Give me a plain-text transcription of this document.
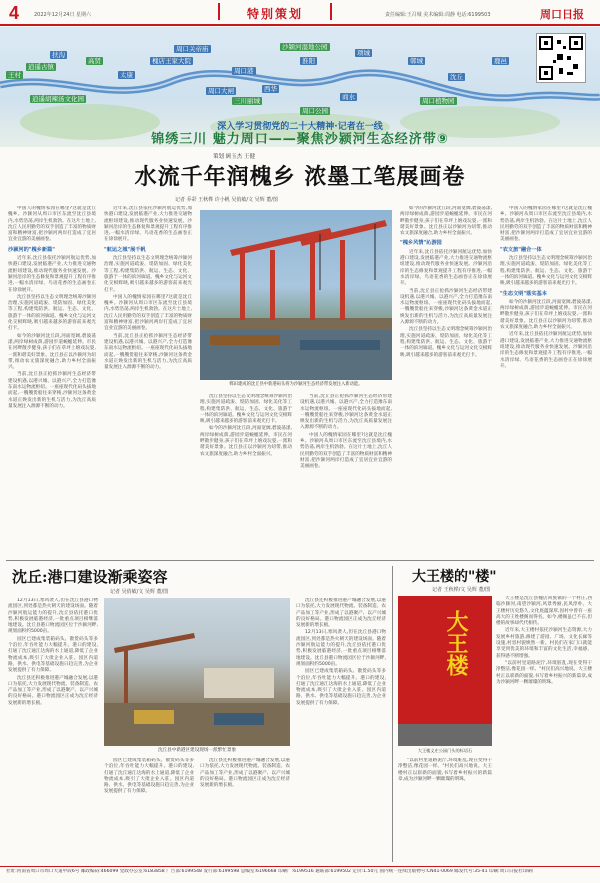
4	2022年12月24日 星期六	特别策划	责任编辑:王召城 美术编辑:周静 电话:6199503	周口日报
周口关帝庙
槐店王家大院
周口港
周口大闸
淮阳
项城
沈丘
郸城
太康
鹿邑
西华
扶沟
商水
王村
逍遥古镇
高贤
三川丽城
沙颍河湿地公园
周口公园
逍遥胡辣汤文化园	周口植物园
深入学习贯彻党的二十大精神·记者在一线
锦绣三川 魅力周口——聚焦沙颍河生态经济带⑨
策划 顾玉杰 王健
水流千年润槐乡 浓墨工笔展画卷
记者 乔彩 王秋桦 许小帆 吴俏敏/文 吴辉 董/图

中国人的槐情家园在哪里?这就是沈丘槐乡。沙颍河从周口市区东流至沈丘县境内,水势浩荡,两岸生机勃勃。在这片土地上,沈丘人民用勤劳的双手创造了丰富的物质财富和精神财富,把沙颍河两岸打造成了宜居宜业宜游的美丽画卷。

沙颍河的"槐乡新篇"

近年来,沈丘县依托沙颍河航运优势,加快港口建设,发展临港产业,大力推进交通物流枢纽建设,推动现代服务业快速发展。沙颍河沿岸的生态修复和景观提升工程有序推进,一幅水清岸绿、鸟语花香的生态画卷正在徐徐展开。

沈丘县坚持以生态文明理念统筹沙颍河治理,实施河道疏浚、堤防加固、绿化美化等工程,构建集防洪、航运、生态、文化、旅游于一体的滨河廊道。槐乡文化与运河文化交相辉映,吸引越来越多的游客前来观光打卡。

如今的沙颍河沈丘段,河面宽阔,碧波荡漾,两岸绿树成荫,游园步道蜿蜒延伸。市民在河畔散步健身,孩子们在草坪上嬉戏玩耍,一派和谐美好景象。沈丘县正以沙颍河为纽带,推动农文旅深度融合,助力乡村全面振兴。

当前,沈丘县正抢抓沙颍河生态经济带建设机遇,以港兴城、以港兴产,全力打造豫东南水运物流枢纽。一座座现代化码头拔地而起,一艘艘货船往来穿梭,沙颍河这条黄金水道正焕发出新的生机与活力,为沈丘高质量发展注入源源不断的动力。

近年来,沈丘县依托沙颍河航运优势,加快港口建设,发展临港产业,大力推进交通物流枢纽建设,推动现代服务业快速发展。沙颍河沿岸的生态修复和景观提升工程有序推进,一幅水清岸绿、鸟语花香的生态画卷正在徐徐展开。

"航运之城"展千帆

沈丘县坚持以生态文明理念统筹沙颍河治理,实施河道疏浚、堤防加固、绿化美化等工程,构建集防洪、航运、生态、文化、旅游于一体的滨河廊道。槐乡文化与运河文化交相辉映,吸引越来越多的游客前来观光打卡。

中国人的槐情家园在哪里?这就是沈丘槐乡。沙颍河从周口市区东流至沈丘县境内,水势浩荡,两岸生机勃勃。在这片土地上,沈丘人民用勤劳的双手创造了丰富的物质财富和精神财富,把沙颍河两岸打造成了宜居宜业宜游的美丽画卷。

当前,沈丘县正抢抓沙颍河生态经济带建设机遇,以港兴城、以港兴产,全力打造豫东南水运物流枢纽。一座座现代化码头拔地而起,一艘艘货船往来穿梭,沙颍河这条黄金水道正焕发出新的生机与活力,为沈丘高质量发展注入源源不断的动力。

郸田建成的沈丘县中新港码头将为沙颍河生态经济带发展注入新动能。

沈丘县坚持以生态文明理念统筹沙颍河治理,实施河道疏浚、堤防加固、绿化美化等工程,构建集防洪、航运、生态、文化、旅游于一体的滨河廊道。槐乡文化与运河文化交相辉映,吸引越来越多的游客前来观光打卡。

如今的沙颍河沈丘段,河面宽阔,碧波荡漾,两岸绿树成荫,游园步道蜿蜒延伸。市民在河畔散步健身,孩子们在草坪上嬉戏玩耍,一派和谐美好景象。沈丘县正以沙颍河为纽带,推动农文旅深度融合,助力乡村全面振兴。

当前,沈丘县正抢抓沙颍河生态经济带建设机遇,以港兴城、以港兴产,全力打造豫东南水运物流枢纽。一座座现代化码头拔地而起,一艘艘货船往来穿梭,沙颍河这条黄金水道正焕发出新的生机与活力,为沈丘高质量发展注入源源不断的动力。

中国人的槐情家园在哪里?这就是沈丘槐乡。沙颍河从周口市区东流至沈丘县境内,水势浩荡,两岸生机勃勃。在这片土地上,沈丘人民用勤劳的双手创造了丰富的物质财富和精神财富,把沙颍河两岸打造成了宜居宜业宜游的美丽画卷。

如今的沙颍河沈丘段,河面宽阔,碧波荡漾,两岸绿树成荫,游园步道蜿蜒延伸。市民在河畔散步健身,孩子们在草坪上嬉戏玩耍,一派和谐美好景象。沈丘县正以沙颍河为纽带,推动农文旅深度融合,助力乡村全面振兴。

"槐乡风情"沁游园

近年来,沈丘县依托沙颍河航运优势,加快港口建设,发展临港产业,大力推进交通物流枢纽建设,推动现代服务业快速发展。沙颍河沿岸的生态修复和景观提升工程有序推进,一幅水清岸绿、鸟语花香的生态画卷正在徐徐展开。

当前,沈丘县正抢抓沙颍河生态经济带建设机遇,以港兴城、以港兴产,全力打造豫东南水运物流枢纽。一座座现代化码头拔地而起,一艘艘货船往来穿梭,沙颍河这条黄金水道正焕发出新的生机与活力,为沈丘高质量发展注入源源不断的动力。

沈丘县坚持以生态文明理念统筹沙颍河治理,实施河道疏浚、堤防加固、绿化美化等工程,构建集防洪、航运、生态、文化、旅游于一体的滨河廊道。槐乡文化与运河文化交相辉映,吸引越来越多的游客前来观光打卡。

中国人的槐情家园在哪里?这就是沈丘槐乡。沙颍河从周口市区东流至沈丘县境内,水势浩荡,两岸生机勃勃。在这片土地上,沈丘人民用勤劳的双手创造了丰富的物质财富和精神财富,把沙颍河两岸打造成了宜居宜业宜游的美丽画卷。

"农文旅"融合一体

沈丘县坚持以生态文明理念统筹沙颍河治理,实施河道疏浚、堤防加固、绿化美化等工程,构建集防洪、航运、生态、文化、旅游于一体的滨河廊道。槐乡文化与运河文化交相辉映,吸引越来越多的游客前来观光打卡。

"生态文明"落实基本

如今的沙颍河沈丘段,河面宽阔,碧波荡漾,两岸绿树成荫,游园步道蜿蜒延伸。市民在河畔散步健身,孩子们在草坪上嬉戏玩耍,一派和谐美好景象。沈丘县正以沙颍河为纽带,推动农文旅深度融合,助力乡村全面振兴。

近年来,沈丘县依托沙颍河航运优势,加快港口建设,发展临港产业,大力推进交通物流枢纽建设,推动现代服务业快速发展。沙颍河沿岸的生态修复和景观提升工程有序推进,一幅水清岸绿、鸟语花香的生态画卷正在徐徐展开。

沈丘:港口建设渐乘姿容
记者 吴俏敏/文 吴辉 董/图

12月13日,寒风袭人,但在沈丘县港口物流园区,到处都是热火朝天的建设场面。随着沙颍河航运能力的提升,沈丘县依托港口优势,积极发展临港经济,一批重点项目相继落地建设。沈丘县港口物流园区位于沙颍河畔,规划面积约5000亩。

园区已建成集装箱码头、散货码头等多个泊位,年吞吐能力大幅提升。港口的建设,打通了沈丘通江达海的水上通道,降低了企业物流成本,吸引了大批企业入驻。园区内道路、供水、供电等基础设施日趋完善,为企业发展提供了有力保障。

沈丘县还积极推进港产城融合发展,以港口为依托,大力发展现代物流、装备制造、农产品加工等产业,形成了以港聚产、以产兴城的良好格局。港口物流园区正成为沈丘经济发展新的增长极。

沈丘县中新港区建设现场一派繁忙景象

园区已建成集装箱码头、散货码头等多个泊位,年吞吐能力大幅提升。港口的建设,打通了沈丘通江达海的水上通道,降低了企业物流成本,吸引了大批企业入驻。园区内道路、供水、供电等基础设施日趋完善,为企业发展提供了有力保障。

沈丘县还积极推进港产城融合发展,以港口为依托,大力发展现代物流、装备制造、农产品加工等产业,形成了以港聚产、以产兴城的良好格局。港口物流园区正成为沈丘经济发展新的增长极。

沈丘县还积极推进港产城融合发展,以港口为依托,大力发展现代物流、装备制造、农产品加工等产业,形成了以港聚产、以产兴城的良好格局。港口物流园区正成为沈丘经济发展新的增长极。

12月13日,寒风袭人,但在沈丘县港口物流园区,到处都是热火朝天的建设场面。随着沙颍河航运能力的提升,沈丘县依托港口优势,积极发展临港经济,一批重点项目相继落地建设。沈丘县港口物流园区位于沙颍河畔,规划面积约5000亩。

园区已建成集装箱码头、散货码头等多个泊位,年吞吐能力大幅提升。港口的建设,打通了沈丘通江达海的水上通道,降低了企业物流成本,吸引了大批企业入驻。园区内道路、供水、供电等基础设施日趋完善,为企业发展提供了有力保障。

大王楼的"楼"
记者 王秋桦/文 吴辉 董/图
大王楼
大王楼义庄公园门头的标语石

大王楼是沈丘县槐店回族镇的一个村庄,西临沙颍河,南望沙颍河,风景秀丽,民风淳朴。大王楼村历史悠久,文化底蕴深厚,因村中曾有一座高大的王姓楼阁而得名。如今,楼阁虽已不在,但楼的故事却代代相传。

近年来,大王楼村依托沙颍河生态资源,大力发展乡村旅游,修建了游园、广场、文化长廊等设施,村容村貌焕然一新。村民们在家门口就能享受到优美的环境和丰富的文化生活,幸福感、获得感不断增强。

"以前村里道路泥泞,环境脏乱,现在变得干净整洁,像花园一样。"村民们高兴地说。大王楼村正以崭新的面貌,书写着乡村振兴的新篇章,成为沙颍河畔一颗璀璨的明珠。

"以前村里道路泥泞,环境脏乱,现在变得干净整洁,像花园一样。"村民们高兴地说。大王楼村正以崭新的面貌,书写着乡村振兴的新篇章,成为沙颍河畔一颗璀璨的明珠。

社址:河南省周口市周口大道中段6号 邮政编码:466099 党政办公室:6183858 广告部:6199548 发行部:6199598 总编室:6196668 印刷厂:6199516 通联部:6199502 定价:1.50元 国内统一连续出版物号:CN41-0069 邮发代号:35-41 印刷:周口日报社印刷厂
